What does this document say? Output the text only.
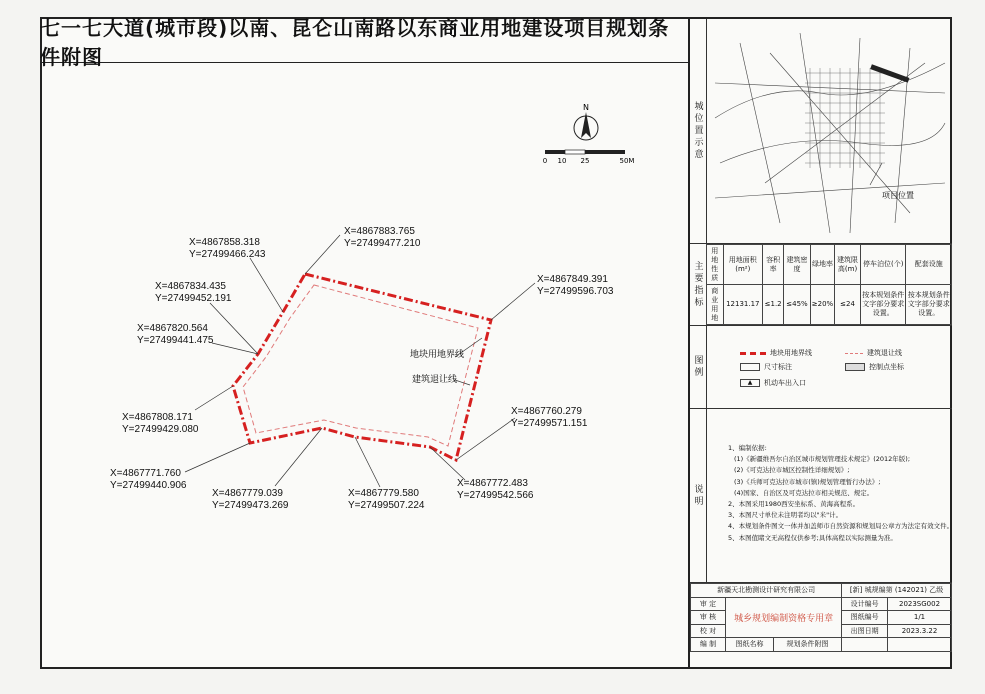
七一七大道(城市段)以南、昆仑山南路以东商业用地建设项目规划条件附图
N
0 10 25	50M
地块用地界线
建筑退让线
X=4867883.765
Y=27499477.210
X=4867858.318
Y=27499466.243
X=4867834.435
Y=27499452.191
X=4867820.564
Y=27499441.475
X=4867808.171
Y=27499429.080
X=4867771.760
Y=27499440.906
X=4867779.039
Y=27499473.269
X=4867779.580
Y=27499507.224
X=4867772.483
Y=27499542.566
X=4867760.279
Y=27499571.151
X=4867849.391
Y=27499596.703
城位置示意
项目位置
主要指标
用地性质	用地面积(m²)	容积率	建筑密度	绿地率	建筑限高(m)	停车泊位(个)	配套设施
商业用地	12131.17	≤1.2	≤45%	≥20%	≤24	按本规划条件文字部分要求设置。	按本规划条件文字部分要求设置。
图例
地块用地界线	建筑退让线
尺寸标注	控制点坐标
▲	机动车出入口
说明
1、编制依据:
(1)《新疆维吾尔自治区城市规划管理技术规定》(2012年版);
(2)《可克达拉市城区控制性详细规划》;
(3)《兵师可克达拉市城市(镇)规划管理暂行办法》;
(4)国家、自治区及可克达拉市相关规范、规定。
2、本图采用1980西安坐标系、黄海高程系。
3、本图尺寸单位未注明者均以"米"计。
4、本规划条件图文一体并加盖师市自然资源和规划局公章方为法定有效文件。
5、本图值睹文无高程仅供参考;具体高程以实际测量为准。
新疆天北勘测设计研究有限公司			[新] 城规编第 (142021) 乙级	
审 定	城乡规划编制资格专用章		设计编号	2023SG002
审 核			图纸编号	1/1
校 对			出图日期	2023.3.22
编 制	图纸名称	规划条件附图		
